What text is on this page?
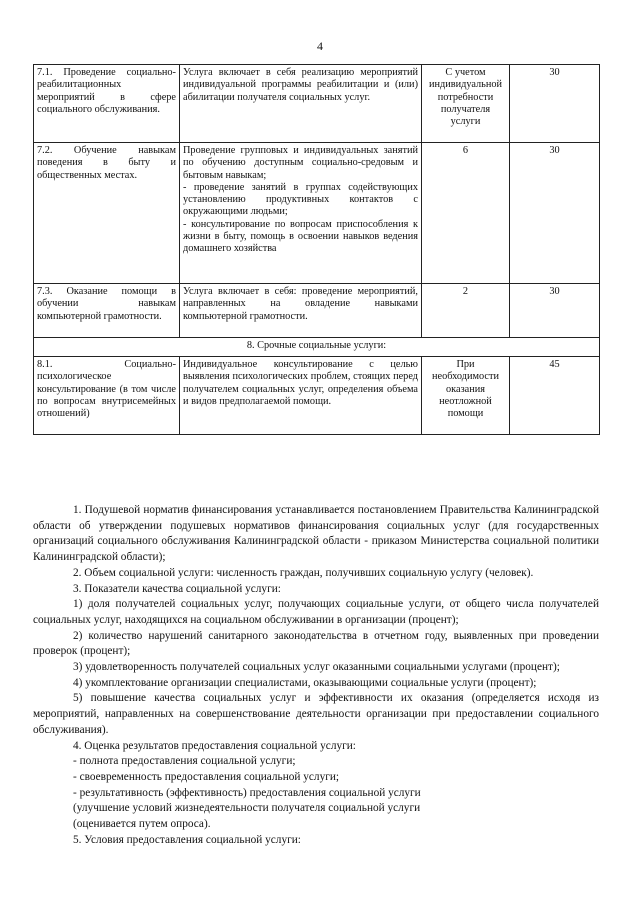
4
7.1. Проведение социально-реабилитационных мероприятий в сфере социального обслуживания.	Услуга включает в себя реализацию мероприятий индивидуальной программы реабилитации и (или) абилитации получателя социальных услуг.	С учетом индивидуальной потребности получателя услуги	30
7.2. Обучение навыкам поведения в быту и общественных местах.	Проведение групповых и индивидуальных занятий по обучению доступным социально-средовым и бытовым навыкам;
- проведение занятий в группах содействующих установлению продуктивных контактов с окружающими людьми;
- консультирование по вопросам приспособления к жизни в быту, помощь в освоении навыков ведения домашнего хозяйства	6	30
7.3. Оказание помощи в обучении навыкам компьютерной грамотности.	Услуга включает в себя: проведение мероприятий, направленных на овладение навыками компьютерной грамотности.	2	30
8. Срочные социальные услуги:			
8.1. Социально-психологическое консультирование (в том числе по вопросам внутрисемейных отношений)	Индивидуальное консультирование с целью выявления психологических проблем, стоящих перед получателем социальных услуг, определения объема и видов предполагаемой помощи.	При необходимости оказания неотложной помощи	45

1. Подушевой норматив финансирования устанавливается постановлением Правительства Калининградской области об утверждении подушевых нормативов финансирования социальных услуг (для государственных организаций социального обслуживания Калининградской области - приказом Министерства социальной политики Калининградской области);

2. Объем социальной услуги: численность граждан, получивших социальную услугу (человек).

3. Показатели качества социальной услуги:

1) доля получателей социальных услуг, получающих социальные услуги, от общего числа получателей социальных услуг, находящихся на социальном обслуживании в организации (процент);

2) количество нарушений санитарного законодательства в отчетном году, выявленных при проведении проверок (процент);

3) удовлетворенность получателей социальных услуг оказанными социальными услугами (процент);

4) укомплектование организации специалистами, оказывающими социальные услуги (процент);

5) повышение качества социальных услуг и эффективности их оказания (определяется исходя из мероприятий, направленных на совершенствование деятельности организации при предоставлении социального обслуживания).

4. Оценка результатов предоставления социальной услуги:

- полнота предоставления социальной услуги;

- своевременность предоставления социальной услуги;

- результативность (эффективность) предоставления социальной услуги (улучшение условий жизнедеятельности получателя социальной услуги (оценивается путем опроса).

5. Условия предоставления социальной услуги:
